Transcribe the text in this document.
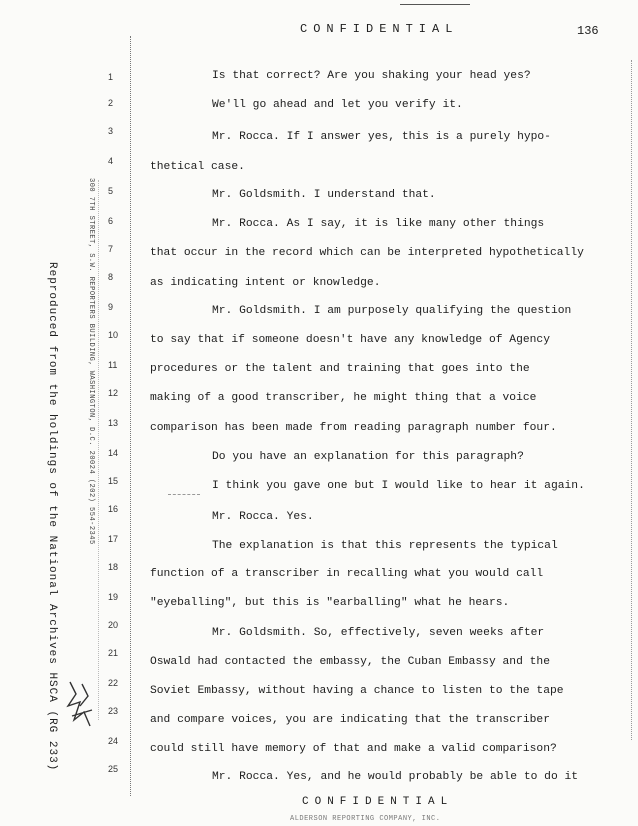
CONFIDENTIAL	136
Reproduced from the holdings of the National Archives HSCA (RG 233)	300 7TH STREET, S.W. REPORTERS BUILDING, WASHINGTON, D.C. 20024 (202) 554-2345
1
2
3
4
5
6
7
8
9
10
11
12
13
14
15
16
17
18
19
20
21
22
23
24
25
Is that correct? Are you shaking your head yes?
We'll go ahead and let you verify it.
Mr. Rocca. If I answer yes, this is a purely hypo-
thetical case.
Mr. Goldsmith. I understand that.
Mr. Rocca. As I say, it is like many other things
that occur in the record which can be interpreted hypothetically
as indicating intent or knowledge.
Mr. Goldsmith. I am purposely qualifying the question
to say that if someone doesn't have any knowledge of Agency
procedures or the talent and training that goes into the
making of a good transcriber, he might thing that a voice
comparison has been made from reading paragraph number four.
Do you have an explanation for this paragraph?
I think you gave one but I would like to hear it again.
Mr. Rocca. Yes.
The explanation is that this represents the typical
function of a transcriber in recalling what you would call
"eyeballing", but this is "earballing" what he hears.
Mr. Goldsmith. So, effectively, seven weeks after
Oswald had contacted the embassy, the Cuban Embassy and the
Soviet Embassy, without having a chance to listen to the tape
and compare voices, you are indicating that the transcriber
could still have memory of that and make a valid comparison?
Mr. Rocca. Yes, and he would probably be able to do it
CONFIDENTIAL
ALDERSON REPORTING COMPANY, INC.
